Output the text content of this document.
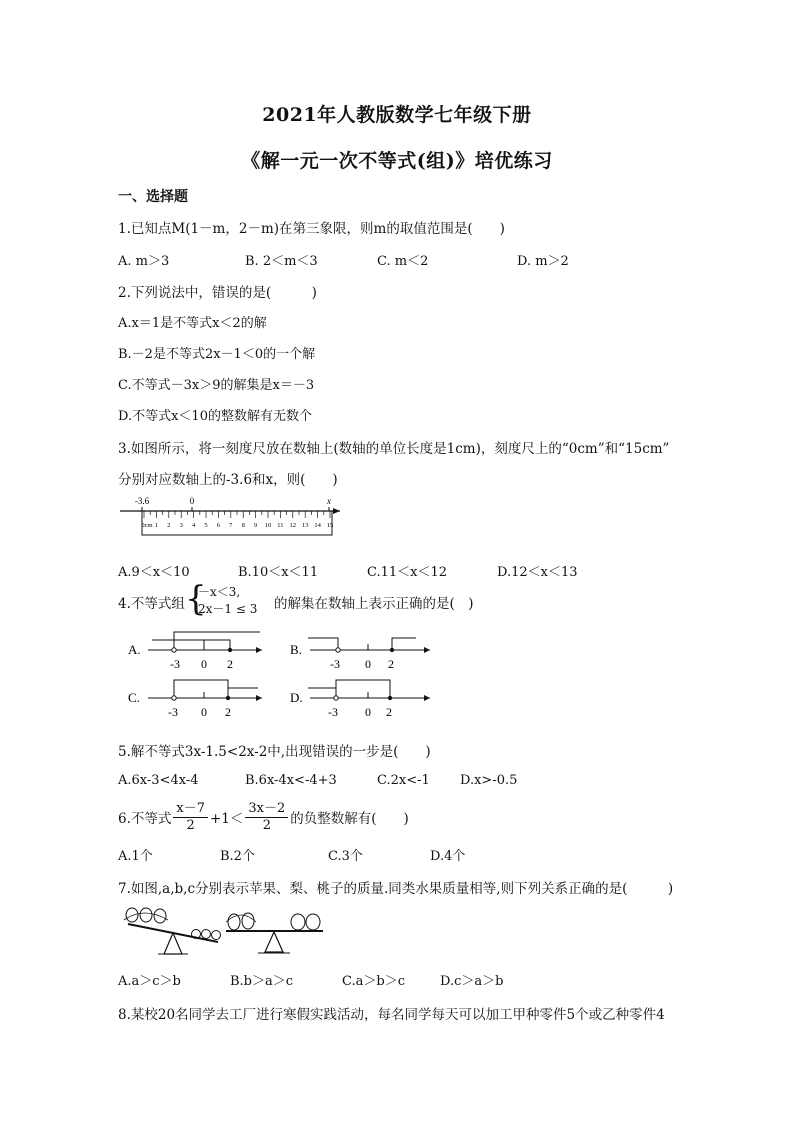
2021年人教版数学七年级下册
《解一元一次不等式(组)》培优练习
一、选择题
1.已知点M(1－m，2－m)在第三象限，则m的取值范围是(　　)
A. m＞3	B. 2＜m＜3	C. m＜2	D. m＞2
2.下列说法中，错误的是(　　　)
A.x＝1是不等式x＜2的解
B.－2是不等式2x－1＜0的一个解
C.不等式－3x＞9的解集是x＝－3
D.不等式x＜10的整数解有无数个
3.如图所示，将一刻度尺放在数轴上(数轴的单位长度是1cm)，刻度尺上的“0cm”和“15cm”
分别对应数轴上的-3.6和x，则(　　)
-3.6	0	x
0cm 1 2 3 4 5 6 7 8 9 10 11 12 13 14 15
A.9＜x＜10	B.10＜x＜11	C.11＜x＜12	D.12＜x＜13
4.不等式组 {
－x＜3,
2x－1 ≤ 3 的解集在数轴上表示正确的是(　)
A.
-3 0 2
B.
-3 0 2
C.
-3 0 2
D.
-3 0 2
5.解不等式3x-1.5<2x-2中,出现错误的一步是(　　)
A.6x-3<4x-4	B.6x-4x<-4+3	C.2x<-1 D.x>-0.5
6.不等式 $\frac{x-7}{2} +1< \frac{3x-2}{2}$ 的负整数解有(　　)
A.1个	B.2个	C.3个	D.4个
7.如图,a,b,c分别表示苹果、梨、桃子的质量.同类水果质量相等,则下列关系正确的是(　　　)
A.a＞c＞b	B.b＞a＞c	C.a＞b＞c	D.c＞a＞b
8.某校20名同学去工厂进行寒假实践活动，每名同学每天可以加工甲种零件5个或乙种零件4
